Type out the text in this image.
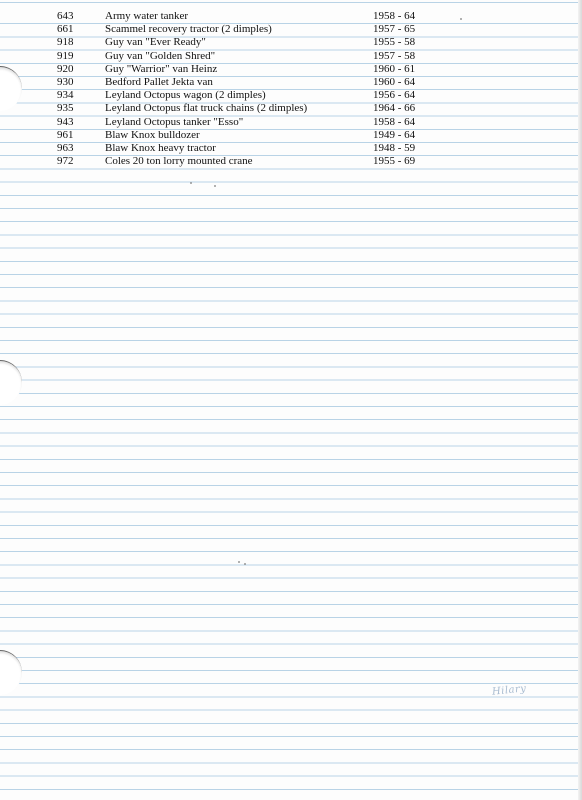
643	Army water tanker	1958 - 64
661	Scammel recovery tractor (2 dimples)	1957 - 65
918	Guy van "Ever Ready"	1955 - 58
919	Guy van "Golden Shred"	1957 - 58
920	Guy "Warrior" van Heinz	1960 - 61
930	Bedford Pallet Jekta van	1960 - 64
934	Leyland Octopus wagon (2 dimples)	1956 - 64
935	Leyland Octopus flat truck chains (2 dimples)	1964 - 66
943	Leyland Octopus tanker "Esso"	1958 - 64
961	Blaw Knox bulldozer	1949 - 64
963	Blaw Knox heavy tractor	1948 - 59
972	Coles 20 ton lorry mounted crane	1955 - 69
Hilary
